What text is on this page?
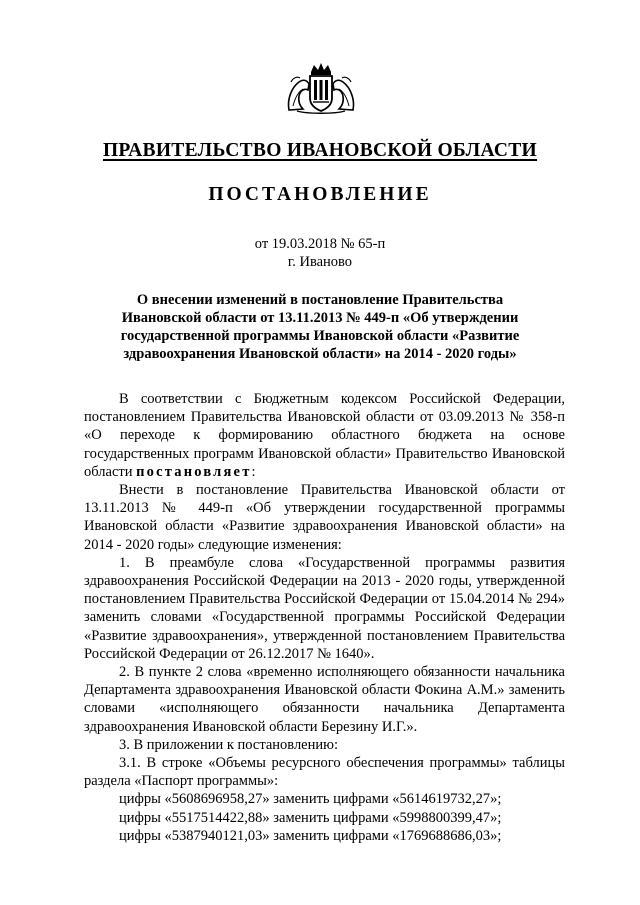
ПРАВИТЕЛЬСТВО ИВАНОВСКОЙ ОБЛАСТИ
ПОСТАНОВЛЕНИЕ
от 19.03.2018 № 65-п
г. Иваново
О внесении изменений в постановление Правительства
Ивановской области от 13.11.2013 № 449-п «Об утверждении
государственной программы Ивановской области «Развитие
здравоохранения Ивановской области» на 2014 - 2020 годы»

В соответствии с Бюджетным кодексом Российской Федерации, постановлением Правительства Ивановской области от 03.09.2013 № 358-п «О переходе к формированию областного бюджета на основе государственных программ Ивановской области» Правительство Ивановской области постановляет:

Внести в постановление Правительства Ивановской области от 13.11.2013 № 449-п «Об утверждении государственной программы Ивановской области «Развитие здравоохранения Ивановской области» на 2014 - 2020 годы» следующие изменения:

1. В преамбуле слова «Государственной программы развития здравоохранения Российской Федерации на 2013 - 2020 годы, утвержденной постановлением Правительства Российской Федерации от 15.04.2014 № 294» заменить словами «Государственной программы Российской Федерации «Развитие здравоохранения», утвержденной постановлением Правительства Российской Федерации от 26.12.2017 № 1640».

2. В пункте 2 слова «временно исполняющего обязанности начальника Департамента здравоохранения Ивановской области Фокина А.М.» заменить словами «исполняющего обязанности начальника Департамента здравоохранения Ивановской области Березину И.Г.».

3. В приложении к постановлению:

3.1. В строке «Объемы ресурсного обеспечения программы» таблицы раздела «Паспорт программы»:

цифры «5608696958,27» заменить цифрами «5614619732,27»;

цифры «5517514422,88» заменить цифрами «5998800399,47»;

цифры «5387940121,03» заменить цифрами «1769688686,03»;
